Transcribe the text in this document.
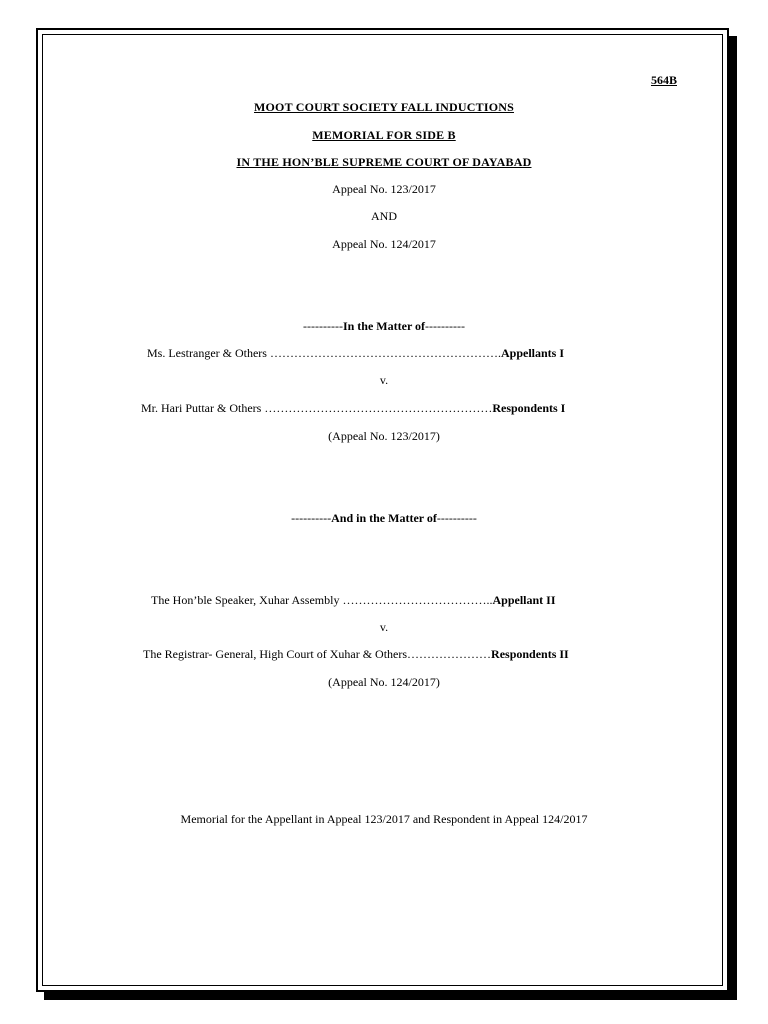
564B
MOOT COURT SOCIETY FALL INDUCTIONS
MEMORIAL FOR SIDE B
IN THE HON’BLE SUPREME COURT OF DAYABAD
Appeal No. 123/2017
AND
Appeal No. 124/2017
----------In the Matter of----------
Ms. Lestranger & Others ………………………………………………….Appellants I
v.
Mr. Hari Puttar & Others …………………………………………………Respondents I
(Appeal No. 123/2017)
----------And in the Matter of----------
The Hon’ble Speaker, Xuhar Assembly ………………………………..Appellant II
v.
The Registrar- General, High Court of Xuhar & Others…………………Respondents II
(Appeal No. 124/2017)
Memorial for the Appellant in Appeal 123/2017 and Respondent in Appeal 124/2017
